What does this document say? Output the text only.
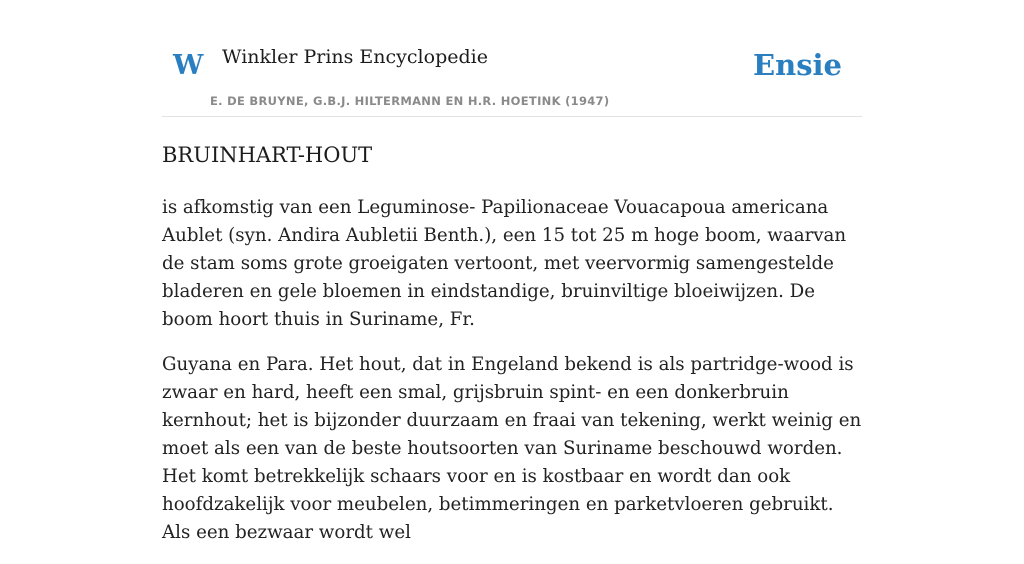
W Winkler Prins Encyclopedie
E. DE BRUYNE, G.B.J. HILTERMANN EN H.R. HOETINK (1947)
Ensie
BRUINHART-HOUT

is afkomstig van een Leguminose- Papilionaceae Vouacapoua americana Aublet (syn. Andira Aubletii Benth.), een 15 tot 25 m hoge boom, waarvan de stam soms grote groeigaten vertoont, met veervormig samengestelde bladeren en gele bloemen in eindstandige, bruinviltige bloeiwijzen. De boom hoort thuis in Suriname, Fr.

Guyana en Para. Het hout, dat in Engeland bekend is als partridge-wood is zwaar en hard, heeft een smal, grijsbruin spint- en een donkerbruin kernhout; het is bijzonder duurzaam en fraai van tekening, werkt weinig en moet als een van de beste houtsoorten van Suriname beschouwd worden. Het komt betrekkelijk schaars voor en is kostbaar en wordt dan ook hoofdzakelijk voor meubelen, betimmeringen en parketvloeren gebruikt. Als een bezwaar wordt wel
